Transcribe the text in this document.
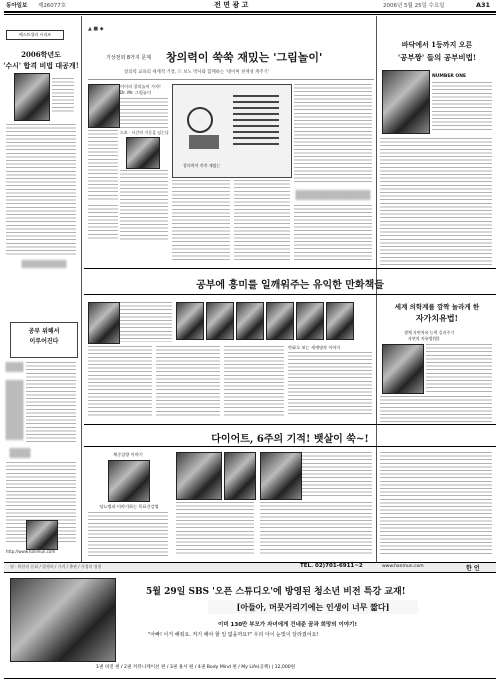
동아일보 제26077호	전 면 광 고	2006년 5월 25일 수요일	A31
베스트셀러 시리즈
2006학년도
'수시' 합격 비법 대공개!
공부 위해서
이루어진다
http://www.hanmun.com
▲ ■ ◆
기상천외 8가지 문제 창의력이 쑥쑥 재밌는 '그림놀이'
창의력 교육의 세계적 거장, 드 보노 박사와 함께하는 '네이버 천재성 계주기'
이이의 창의놀이 가자!
Dr. Mr. 그림놀이
드보 · 시간의 기둥을 넘는다
창의력이 쑥쑥 재밌는
바닥에서 1등까지 오른
'공부짱' 들의 공부비법!
NUMBER ONE
공부에 흥미를 일깨워주는 유익한 만화책들
만화로 보는 세계명작 이야기
세계 의학계를 깜짝 놀라게 한
자가치유법!
생체 자연치유 능력 길러주기
자연의 치유법(법)
다이어트, 6주의 기적! 뱃살이 쑥~!
체중감량 이야기
당뇨병과 이야기하는 목표건강법
명 · 북한의 문화 / 발행처 / 가격 / 출판 / 가정의 정원	TEL. 02)701-6911~2	www.hanmun.com	한 언
5월 29일 SBS '오픈 스튜디오'에 방영된 청소년 비전 특강 교재!
[아들아, 머뭇거리기에는 인생이 너무 짧다]
이미 130만 부모가 자녀에게 건네준 꿈과 희망의 이야기!
"아빠! 이거 해줘요. 저기 해야 할 일 없을까요?" 우리 아이 눈빛이 달라졌어요!
1권 비전 편 / 2권 커뮤니케이션 편 / 3권 용서 편 / 4권 Body Mind 편 / My Life(공책) | 12,000원
